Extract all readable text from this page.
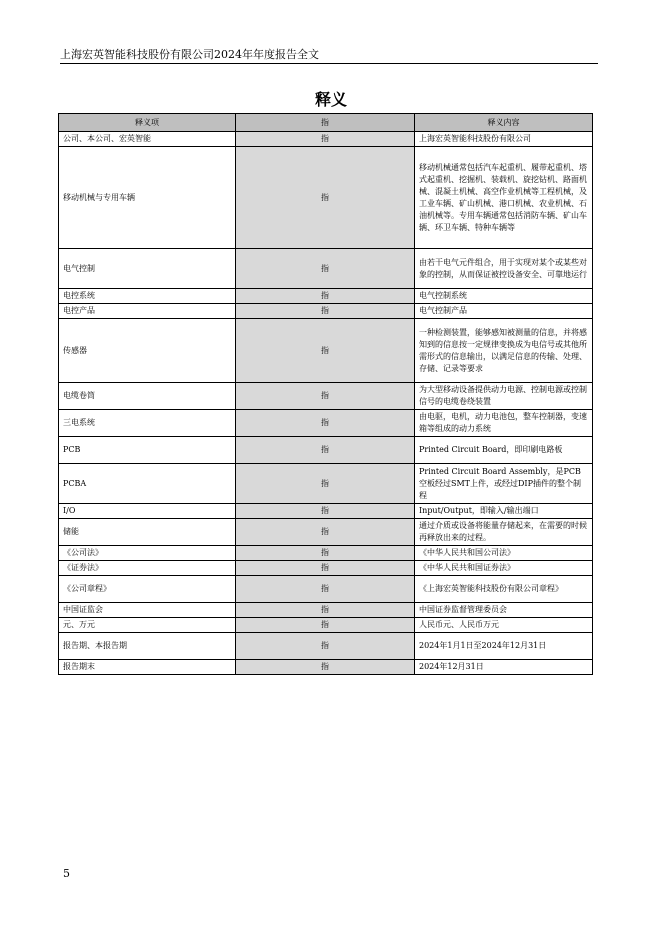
上海宏英智能科技股份有限公司2024年年度报告全文
释义
释义项	指	释义内容
公司、本公司、宏英智能	指	上海宏英智能科技股份有限公司
移动机械与专用车辆	指	移动机械通常包括汽车起重机、履带起重机、塔式起重机、挖掘机、装载机、旋挖钻机、路面机械、混凝土机械、高空作业机械等工程机械，及工业车辆、矿山机械、港口机械、农业机械、石油机械等。专用车辆通常包括消防车辆、矿山车辆、环卫车辆、特种车辆等
电气控制	指	由若干电气元件组合，用于实现对某个或某些对象的控制，从而保证被控设备安全、可靠地运行
电控系统	指	电气控制系统
电控产品	指	电气控制产品
传感器	指	一种检测装置，能够感知被测量的信息，并将感知到的信息按一定规律变换成为电信号或其他所需形式的信息输出，以满足信息的传输、处理、存储、记录等要求
电缆卷筒	指	为大型移动设备提供动力电源、控制电源或控制信号的电缆卷绕装置
三电系统	指	由电驱，电机，动力电池包，整车控制器，变速箱等组成的动力系统
PCB	指	Printed Circuit Board，即印刷电路板
PCBA	指	Printed Circuit Board Assembly，是PCB空板经过SMT上件，或经过DIP插件的整个制程
I/O	指	Input/Output，即输入/输出端口
储能	指	通过介质或设备将能量存储起来，在需要的时候再释放出来的过程。
《公司法》	指	《中华人民共和国公司法》
《证券法》	指	《中华人民共和国证券法》
《公司章程》	指	《上海宏英智能科技股份有限公司章程》
中国证监会	指	中国证券监督管理委员会
元、万元	指	人民币元、人民币万元
报告期、本报告期	指	2024年1月1日至2024年12月31日
报告期末	指	2024年12月31日
5
